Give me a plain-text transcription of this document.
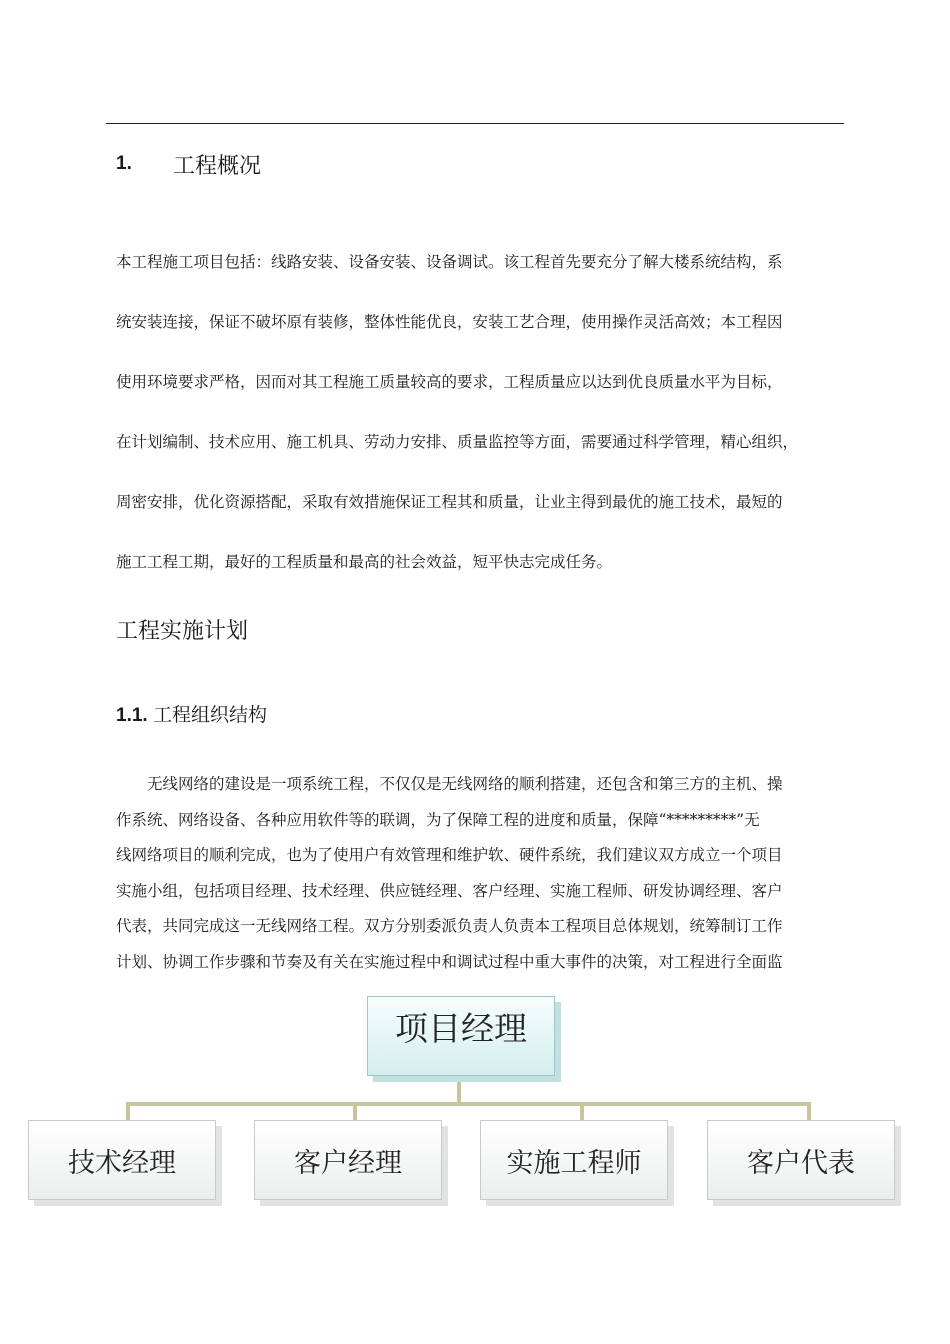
1.	工程概况

本工程施工项目包括：线路安装、设备安装、设备调试。该工程首先要充分了解大楼系统结构，系

统安装连接，保证不破坏原有装修，整体性能优良，安装工艺合理，使用操作灵活高效；本工程因

使用环境要求严格，因而对其工程施工质量较高的要求，工程质量应以达到优良质量水平为目标，

在计划编制、技术应用、施工机具、劳动力安排、质量监控等方面，需要通过科学管理，精心组织，

周密安排，优化资源搭配，采取有效措施保证工程其和质量，让业主得到最优的施工技术，最短的

施工工程工期，最好的工程质量和最高的社会效益，短平快志完成任务。

工程实施计划
1.1. 工程组织结构

　　无线网络的建设是一项系统工程，不仅仅是无线网络的顺利搭建，还包含和第三方的主机、操

作系统、网络设备、各种应用软件等的联调，为了保障工程的进度和质量，保障“*********”无

线网络项目的顺利完成，也为了使用户有效管理和维护软、硬件系统，我们建议双方成立一个项目

实施小组，包括项目经理、技术经理、供应链经理、客户经理、实施工程师、研发协调经理、客户

代表，共同完成这一无线网络工程。双方分别委派负责人负责本工程项目总体规划，统筹制订工作

计划、协调工作步骤和节奏及有关在实施过程中和调试过程中重大事件的决策，对工程进行全面监

项目经理
技术经理	客户经理	实施工程师	客户代表
